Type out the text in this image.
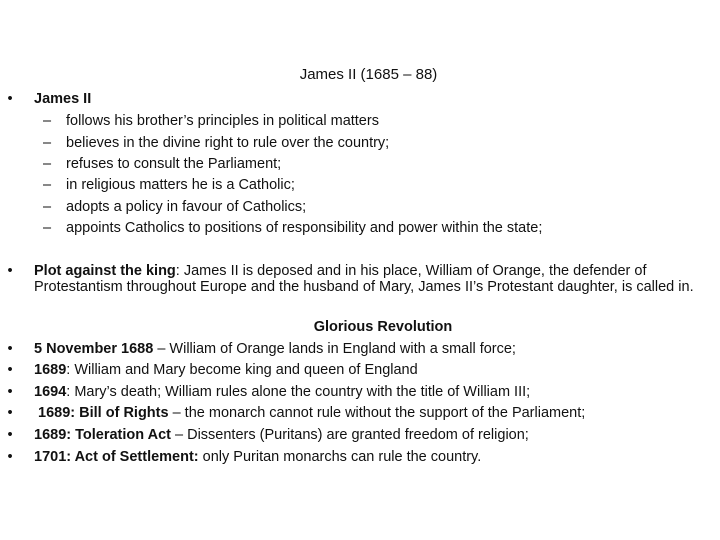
James II (1685 – 88)
• James II
– follows his brother’s principles in political matters
– believes in the divine right to rule over the country;
– refuses to consult the Parliament;
– in religious matters he is a Catholic;
– adopts a policy in favour of Catholics;
– appoints Catholics to positions of responsibility and power within the state;
• Plot against the king: James II is deposed and in his place, William of Orange, the defender of Protestantism throughout Europe and the husband of Mary, James II’s Protestant daughter, is called in.
Glorious Revolution
• 5 November 1688 – William of Orange lands in England with a small force;
• 1689: William and Mary become king and queen of England
• 1694: Mary’s death; William rules alone the country with the title of William III;
• 1689: Bill of Rights – the monarch cannot rule without the support of the Parliament;
• 1689: Toleration Act – Dissenters (Puritans) are granted freedom of religion;
• 1701: Act of Settlement: only Puritan monarchs can rule the country.
